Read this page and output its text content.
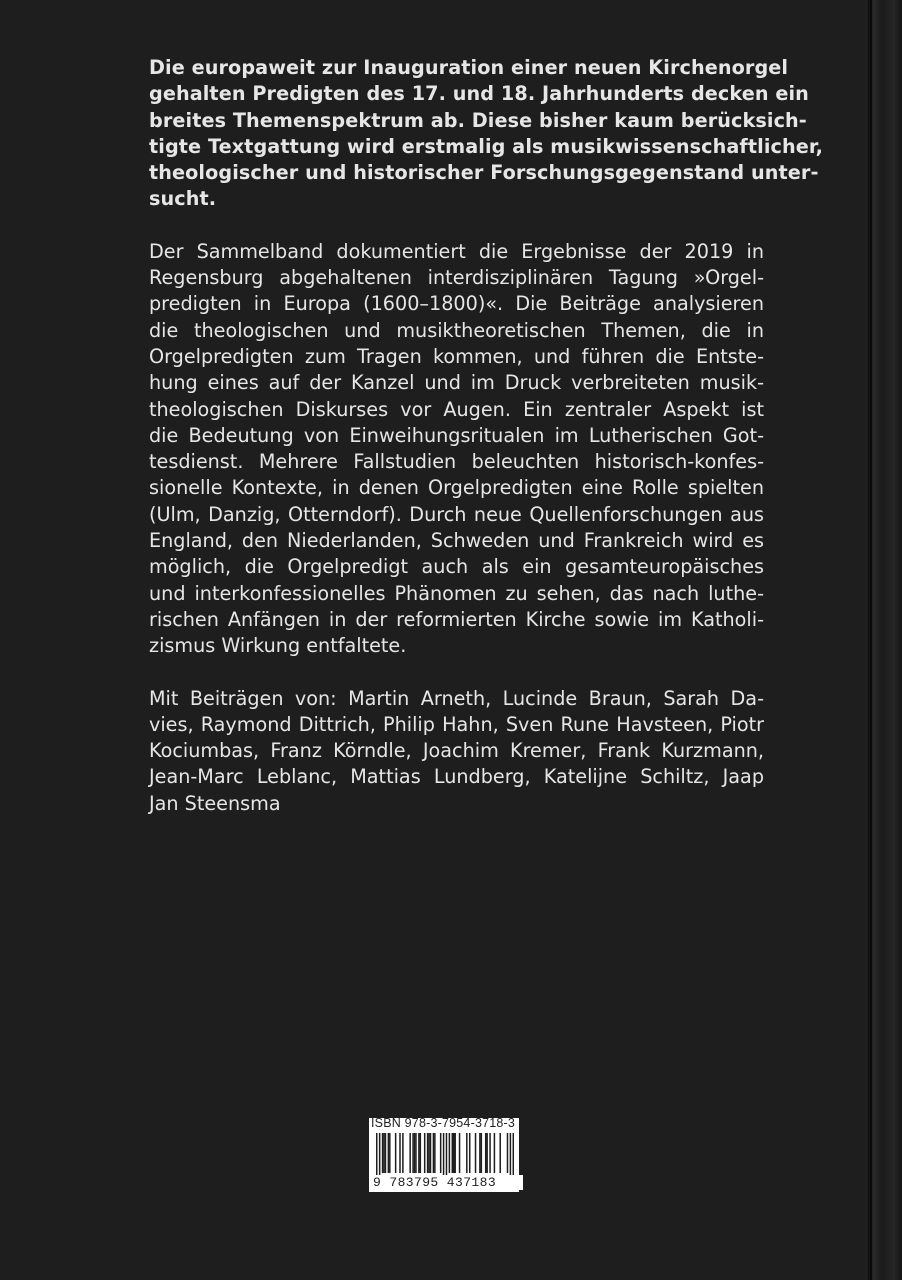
Die europaweit zur Inauguration einer neuen Kirchenorgel
gehalten Predigten des 17. und 18. Jahrhunderts decken ein
breites Themenspektrum ab. Diese bisher kaum berücksich-
tigte Textgattung wird erstmalig als musikwissenschaftlicher,
theologischer und historischer Forschungsgegenstand unter-
sucht.
Der Sammelband dokumentiert die Ergebnisse der 2019 in
Regensburg abgehaltenen interdisziplinären Tagung »Orgel-
predigten in Europa (1600–1800)«. Die Beiträge analysieren
die theologischen und musiktheoretischen Themen, die in
Orgelpredigten zum Tragen kommen, und führen die Entste-
hung eines auf der Kanzel und im Druck verbreiteten musik-
theologischen Diskurses vor Augen. Ein zentraler Aspekt ist
die Bedeutung von Einweihungsritualen im Lutherischen Got-
tesdienst. Mehrere Fallstudien beleuchten historisch-konfes-
sionelle Kontexte, in denen Orgelpredigten eine Rolle spielten
(Ulm, Danzig, Otterndorf). Durch neue Quellenforschungen aus
England, den Niederlanden, Schweden und Frankreich wird es
möglich, die Orgelpredigt auch als ein gesamteuropäisches
und interkonfessionelles Phänomen zu sehen, das nach luthe-
rischen Anfängen in der reformierten Kirche sowie im Katholi-
zismus Wirkung entfaltete.
Mit Beiträgen von: Martin Arneth, Lucinde Braun, Sarah Da-
vies, Raymond Dittrich, Philip Hahn, Sven Rune Havsteen, Piotr
Kociumbas, Franz Körndle, Joachim Kremer, Frank Kurzmann,
Jean-Marc Leblanc, Mattias Lundberg, Katelijne Schiltz, Jaap
Jan Steensma
ISBN 978-3-7954-3718-3
9 783795 437183
